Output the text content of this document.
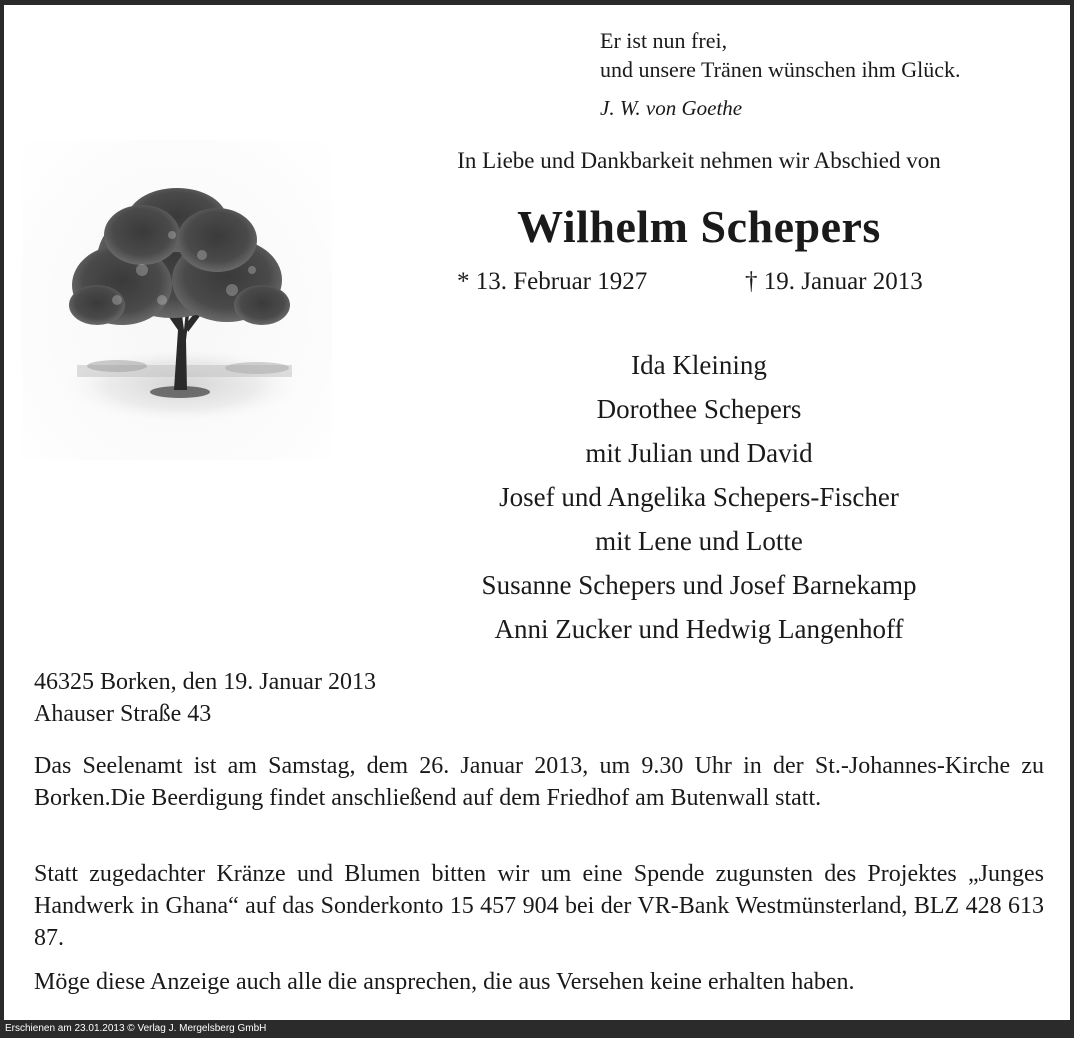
Er ist nun frei,
und unsere Tränen wünschen ihm Glück.
J. W. von Goethe
In Liebe und Dankbarkeit nehmen wir Abschied von
Wilhelm Schepers
* 13. Februar 1927	† 19. Januar 2013
Ida Kleining
Dorothee Schepers
mit Julian und David
Josef und Angelika Schepers-Fischer
mit Lene und Lotte
Susanne Schepers und Josef Barnekamp
Anni Zucker und Hedwig Langenhoff
46325 Borken, den 19. Januar 2013
Ahauser Straße 43
Das Seelenamt ist am Samstag, dem 26. Januar 2013, um 9.30 Uhr in der St.-Johannes-Kirche zu Borken.Die Beerdigung findet anschließend auf dem Friedhof am Butenwall statt.
Statt zugedachter Kränze und Blumen bitten wir um eine Spende zugunsten des Projektes „Junges Handwerk in Ghana“ auf das Sonderkonto 15 457 904 bei der VR-Bank Westmünsterland, BLZ 428 613 87.
Möge diese Anzeige auch alle die ansprechen, die aus Versehen keine erhalten haben.
Erschienen am 23.01.2013 © Verlag J. Mergelsberg GmbH
